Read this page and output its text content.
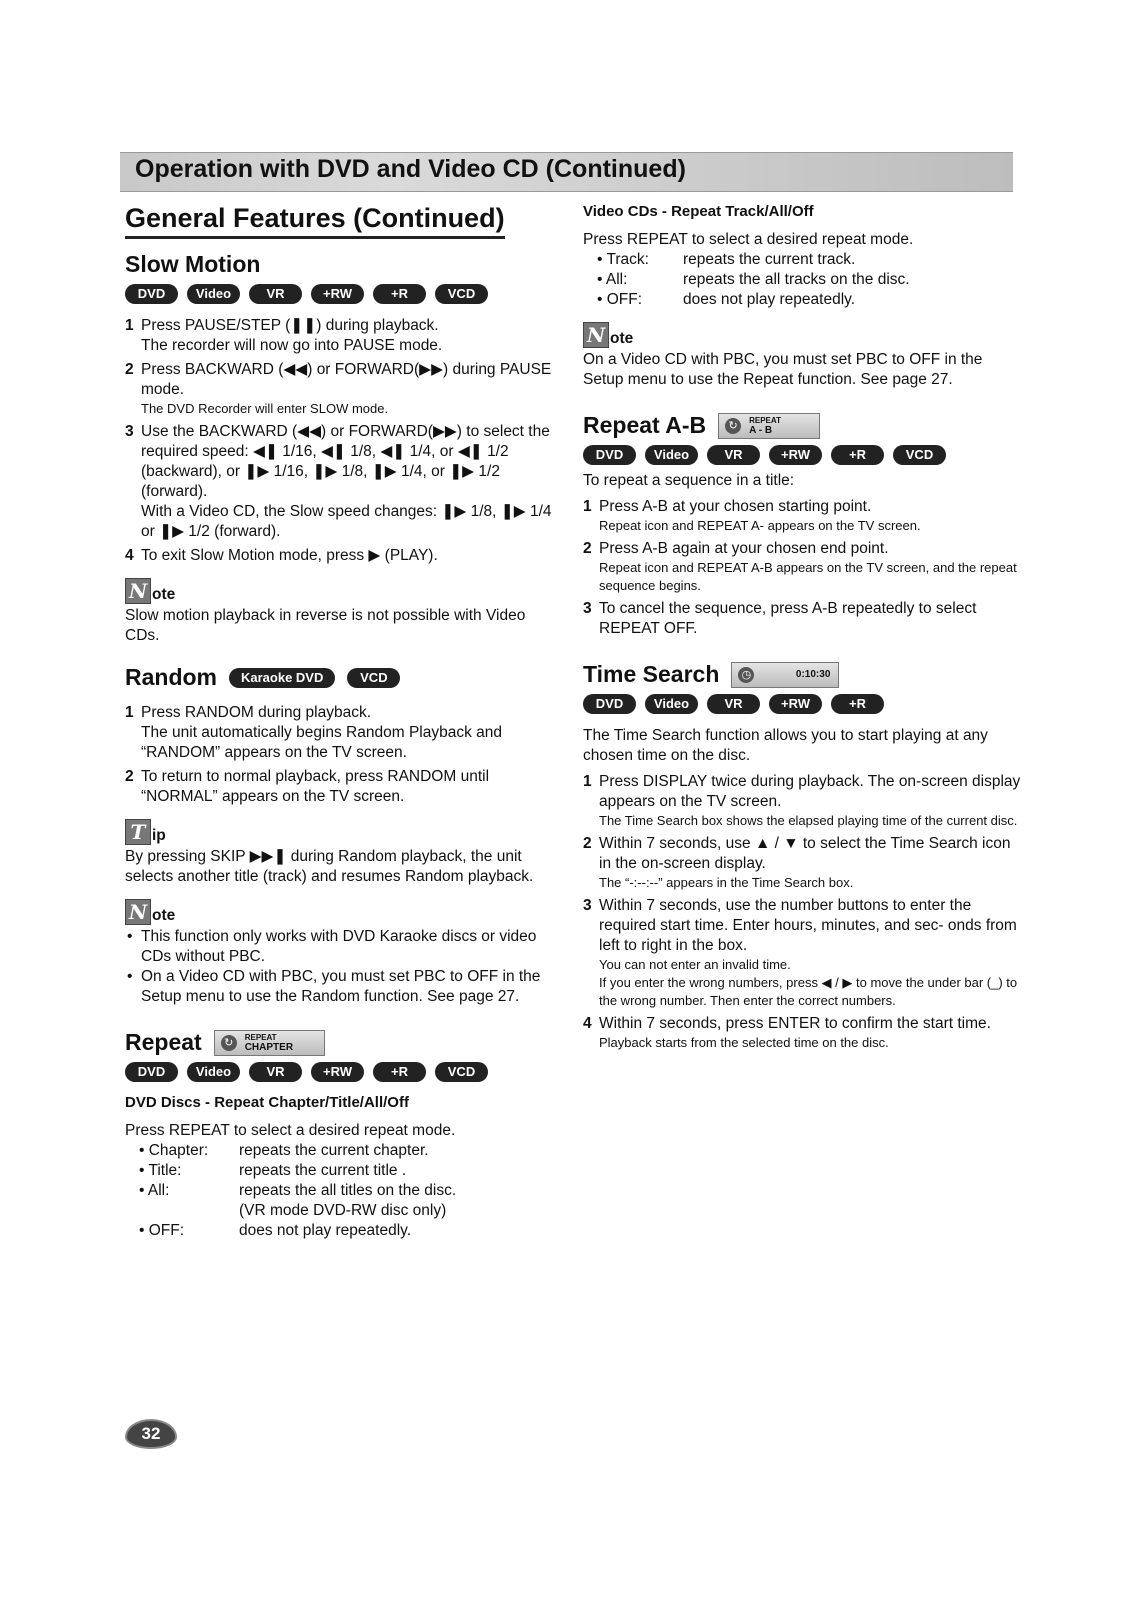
Operation with DVD and Video CD (Continued)
General Features (Continued)
Slow Motion
DVD	Video	VR	+RW	+R	VCD
1 Press PAUSE/STEP (❚❚) during playback.

The recorder will now go into PAUSE mode.

2 Press BACKWARD (◀◀) or FORWARD(▶▶) during PAUSE mode.

The DVD Recorder will enter SLOW mode.

3 Use the BACKWARD (◀◀) or FORWARD(▶▶) to select the required speed: ◀❚ 1/16, ◀❚ 1/8, ◀❚ 1/4, or ◀❚ 1/2 (backward), or ❚▶ 1/16, ❚▶ 1/8, ❚▶ 1/4, or ❚▶ 1/2 (forward).

With a Video CD, the Slow speed changes: ❚▶ 1/8, ❚▶ 1/4 or ❚▶ 1/2 (forward).

4 To exit Slow Motion mode, press ▶ (PLAY).

N ote

Slow motion playback in reverse is not possible with Video CDs.

Random	Karaoke DVD	VCD
1 Press RANDOM during playback.

The unit automatically begins Random Playback and “RANDOM” appears on the TV screen.

2 To return to normal playback, press RANDOM until “NORMAL” appears on the TV screen.

T ip

By pressing SKIP ▶▶❚ during Random playback, the unit selects another title (track) and resumes Random playback.

N ote
• This function only works with DVD Karaoke discs or video CDs without PBC.
• On a Video CD with PBC, you must set PBC to OFF in the Setup menu to use the Random function. See page 27.
Repeat	↻	REPEAT
CHAPTER
DVD	Video	VR	+RW	+R	VCD
DVD Discs - Repeat Chapter/Title/All/Off

Press REPEAT to select a desired repeat mode.

• Chapter:	repeats the current chapter.
• Title:	repeats the current title .
• All:	repeats the all titles on the disc.
(VR mode DVD-RW disc only)
• OFF:	does not play repeatedly.
Video CDs - Repeat Track/All/Off

Press REPEAT to select a desired repeat mode.

• Track:	repeats the current track.
• All:	repeats the all tracks on the disc.
• OFF:	does not play repeatedly.
N ote

On a Video CD with PBC, you must set PBC to OFF in the Setup menu to use the Repeat function. See page 27.

Repeat A-B	↻	REPEAT
A - B
DVD	Video	VR	+RW	+R	VCD

To repeat a sequence in a title:

1 Press A-B at your chosen starting point.

Repeat icon and REPEAT A- appears on the TV screen.

2 Press A-B again at your chosen end point.

Repeat icon and REPEAT A-B appears on the TV screen, and the repeat sequence begins.

3 To cancel the sequence, press A-B repeatedly to select REPEAT OFF.

Time Search ◷	0:10:30
DVD	Video	VR	+RW	+R

The Time Search function allows you to start playing at any chosen time on the disc.

1 Press DISPLAY twice during playback. The on-screen display appears on the TV screen.

The Time Search box shows the elapsed playing time of the current disc.

2 Within 7 seconds, use ▲ / ▼ to select the Time Search icon in the on-screen display.

The “-:--:--” appears in the Time Search box.

3 Within 7 seconds, use the number buttons to enter the required start time. Enter hours, minutes, and sec- onds from left to right in the box.

You can not enter an invalid time.

If you enter the wrong numbers, press ◀ / ▶ to move the under bar (_) to the wrong number. Then enter the correct numbers.

4 Within 7 seconds, press ENTER to confirm the start time.

Playback starts from the selected time on the disc.

32
